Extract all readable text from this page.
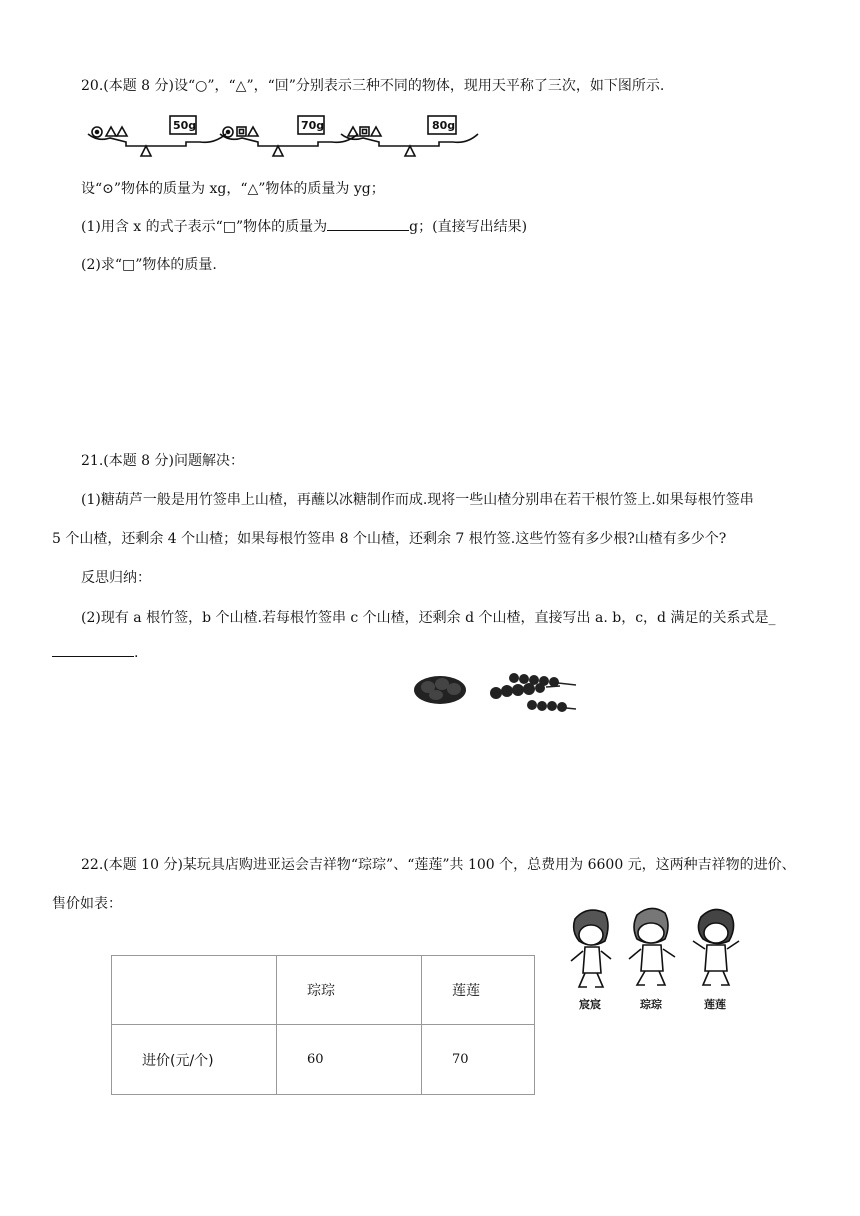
20.(本题 8 分)设“○”，“△”，“回”分别表示三种不同的物体，现用天平称了三次，如下图所示.
50g	70g	80g
设“⊙”物体的质量为 xg，“△”物体的质量为 yg；
(1)用含 x 的式子表示“□”物体的质量为	g；(直接写出结果)
(2)求“□”物体的质量.
21.(本题 8 分)问题解决：
(1)糖葫芦一般是用竹签串上山楂，再蘸以冰糖制作而成.现将一些山楂分别串在若干根竹签上.如果每根竹签串
5 个山楂，还剩余 4 个山楂；如果每根竹签串 8 个山楂，还剩余 7 根竹签.这些竹签有多少根?山楂有多少个?
反思归纳：
(2)现有 a 根竹签，b 个山楂.若每根竹签串 c 个山楂，还剩余 d 个山楂，直接写出 a. b，c，d 满足的关系式是_
.
22.(本题 10 分)某玩具店购进亚运会吉祥物“琮琮”、“莲莲”共 100 个，总费用为 6600 元，这两种吉祥物的进价、
售价如表：
	琮琮	莲莲
进价(元/个)	60	70
宸宸	琮琮	莲莲
